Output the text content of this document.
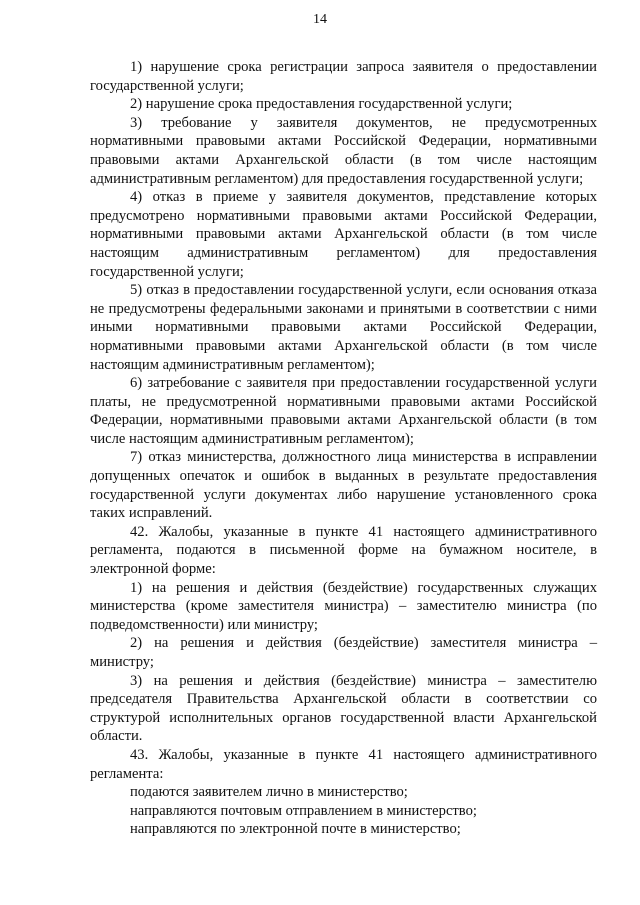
14

1) нарушение срока регистрации запроса заявителя о предоставлении государственной услуги;

2) нарушение срока предоставления государственной услуги;

3) требование у заявителя документов, не предусмотренных нормативными правовыми актами Российской Федерации, нормативными правовыми актами Архангельской области (в том числе настоящим административным регламентом) для предоставления государственной услуги;

4) отказ в приеме у заявителя документов, представление которых предусмотрено нормативными правовыми актами Российской Федерации, нормативными правовыми актами Архангельской области (в том числе настоящим административным регламентом) для предоставления государственной услуги;

5) отказ в предоставлении государственной услуги, если основания отказа не предусмотрены федеральными законами и принятыми в соответствии с ними иными нормативными правовыми актами Российской Федерации, нормативными правовыми актами Архангельской области (в том числе настоящим административным регламентом);

6) затребование с заявителя при предоставлении государственной услуги платы, не предусмотренной нормативными правовыми актами Российской Федерации, нормативными правовыми актами Архангельской области (в том числе настоящим административным регламентом);

7) отказ министерства, должностного лица министерства в исправлении допущенных опечаток и ошибок в выданных в результате предоставления государственной услуги документах либо нарушение установленного срока таких исправлений.

42. Жалобы, указанные в пункте 41 настоящего административного регламента, подаются в письменной форме на бумажном носителе, в электронной форме:

1) на решения и действия (бездействие) государственных служащих министерства (кроме заместителя министра) – заместителю министра (по подведомственности) или министру;

2) на решения и действия (бездействие) заместителя министра – министру;

3) на решения и действия (бездействие) министра – заместителю председателя Правительства Архангельской области в соответствии со структурой исполнительных органов государственной власти Архангельской области.

43. Жалобы, указанные в пункте 41 настоящего административного регламента:

подаются заявителем лично в министерство;

направляются почтовым отправлением в министерство;

направляются по электронной почте в министерство;
